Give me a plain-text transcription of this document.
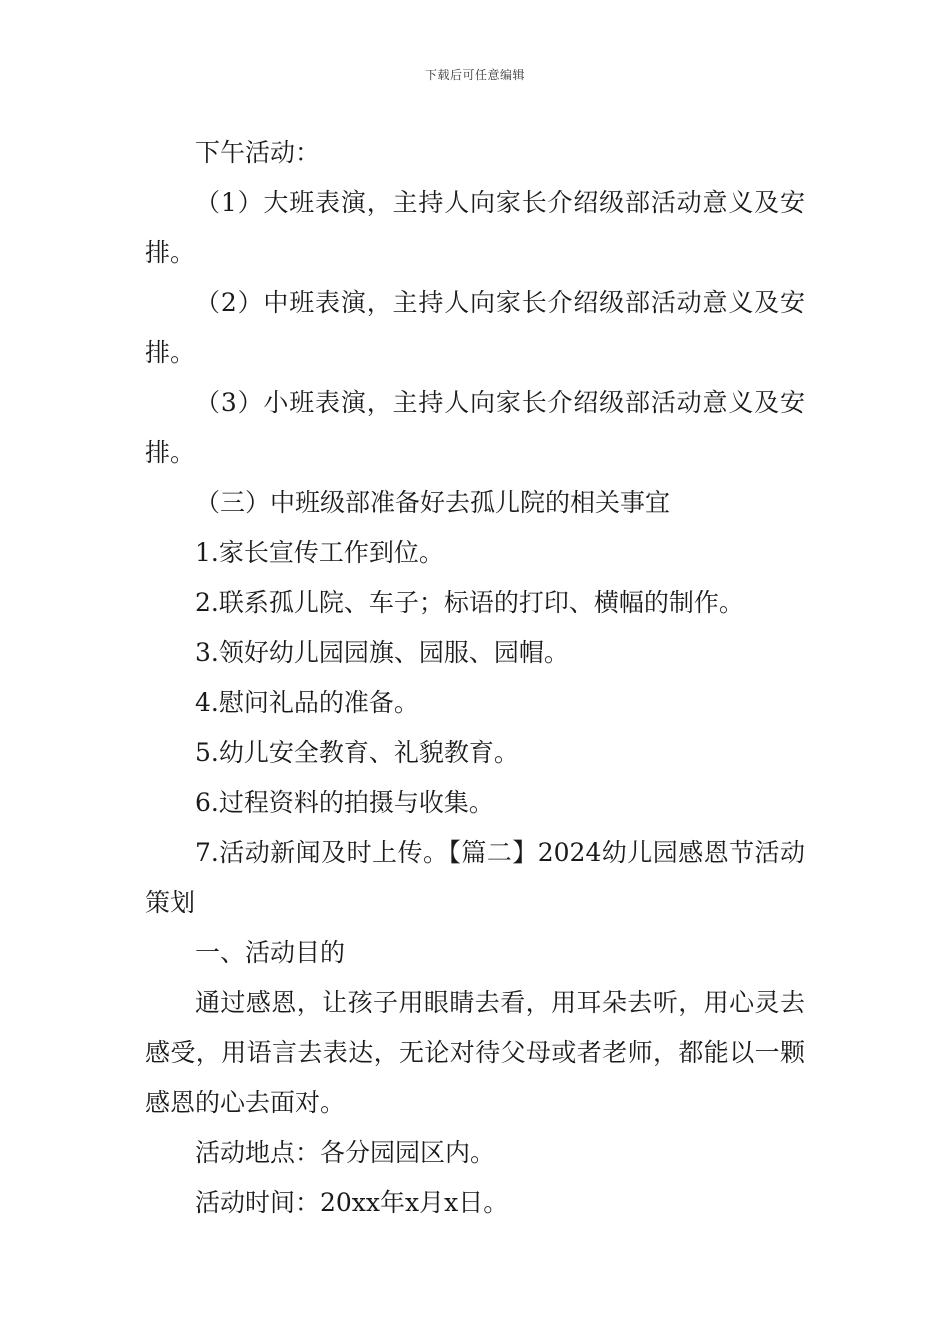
下载后可任意编辑

下午活动：

（1）大班表演，主持人向家长介绍级部活动意义及安排。

（2）中班表演，主持人向家长介绍级部活动意义及安排。

（3）小班表演，主持人向家长介绍级部活动意义及安排。

（三）中班级部准备好去孤儿院的相关事宜

1.家长宣传工作到位。

2.联系孤儿院、车子；标语的打印、横幅的制作。

3.领好幼儿园园旗、园服、园帽。

4.慰问礼品的准备。

5.幼儿安全教育、礼貌教育。

6.过程资料的拍摄与收集。

7.活动新闻及时上传。【篇二】2024幼儿园感恩节活动策划

一、活动目的

通过感恩，让孩子用眼睛去看，用耳朵去听，用心灵去感受，用语言去表达，无论对待父母或者老师，都能以一颗感恩的心去面对。

活动地点：各分园园区内。

活动时间：20xx年x月x日。
